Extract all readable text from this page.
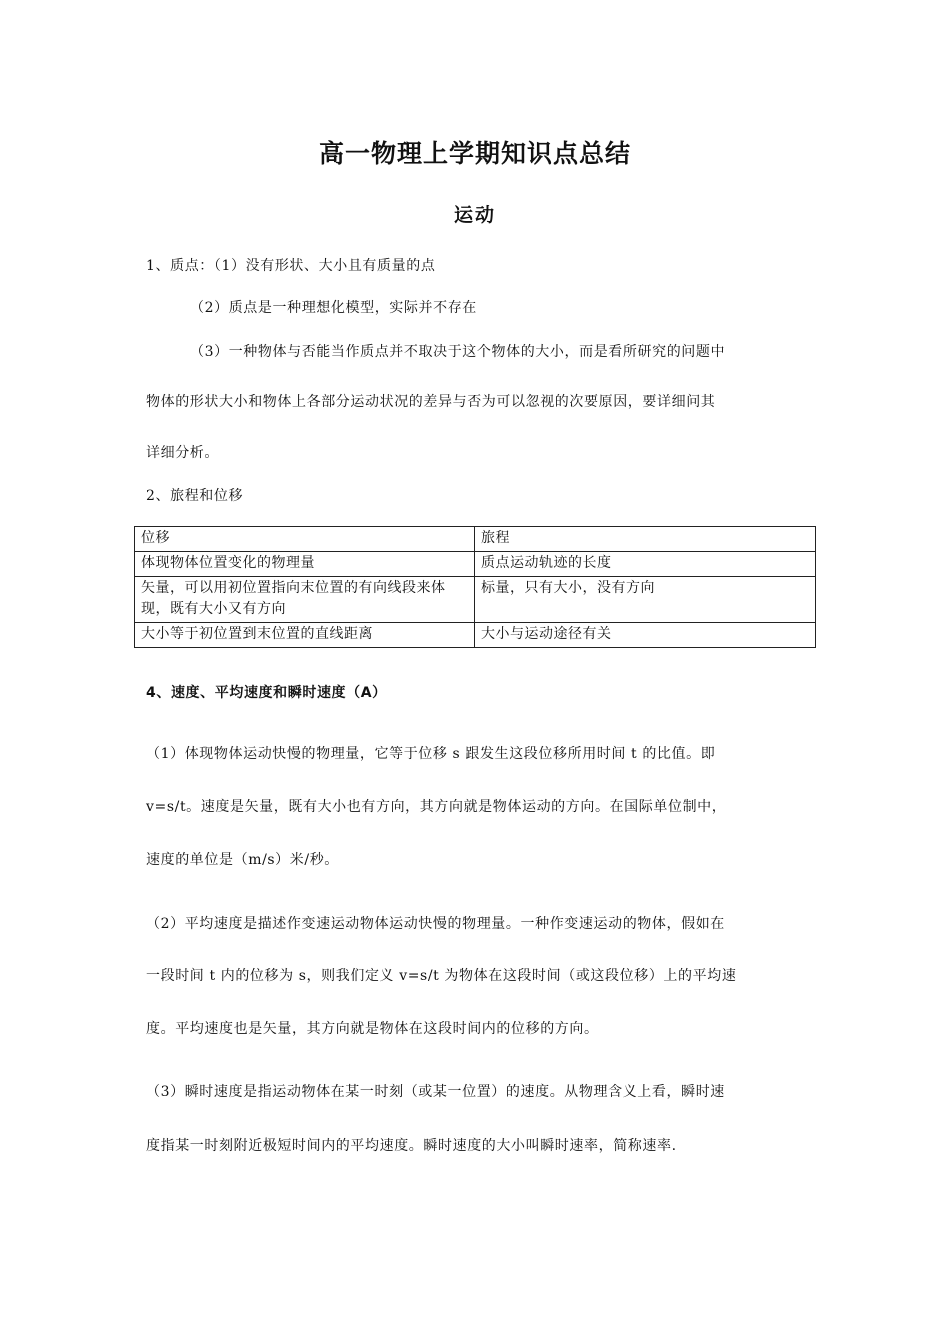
高一物理上学期知识点总结
运动
1、质点：（1）没有形状、大小且有质量的点
（2）质点是一种理想化模型，实际并不存在
（3）一种物体与否能当作质点并不取决于这个物体的大小，而是看所研究的问题中
物体的形状大小和物体上各部分运动状况的差异与否为可以忽视的次要原因，要详细问其
详细分析。
2、旅程和位移
位移	旅程
体现物体位置变化的物理量	质点运动轨迹的长度
矢量，可以用初位置指向末位置的有向线段来体现，既有大小又有方向	标量，只有大小，没有方向
大小等于初位置到末位置的直线距离	大小与运动途径有关
4、速度、平均速度和瞬时速度（A）
（1）体现物体运动快慢的物理量，它等于位移 s 跟发生这段位移所用时间 t 的比值。即
v=s/t。速度是矢量，既有大小也有方向，其方向就是物体运动的方向。在国际单位制中，
速度的单位是（m/s）米/秒。
（2）平均速度是描述作变速运动物体运动快慢的物理量。一种作变速运动的物体，假如在
一段时间 t 内的位移为 s，则我们定义 v=s/t 为物体在这段时间（或这段位移）上的平均速
度。平均速度也是矢量，其方向就是物体在这段时间内的位移的方向。
（3）瞬时速度是指运动物体在某一时刻（或某一位置）的速度。从物理含义上看，瞬时速
度指某一时刻附近极短时间内的平均速度。瞬时速度的大小叫瞬时速率，简称速率.
